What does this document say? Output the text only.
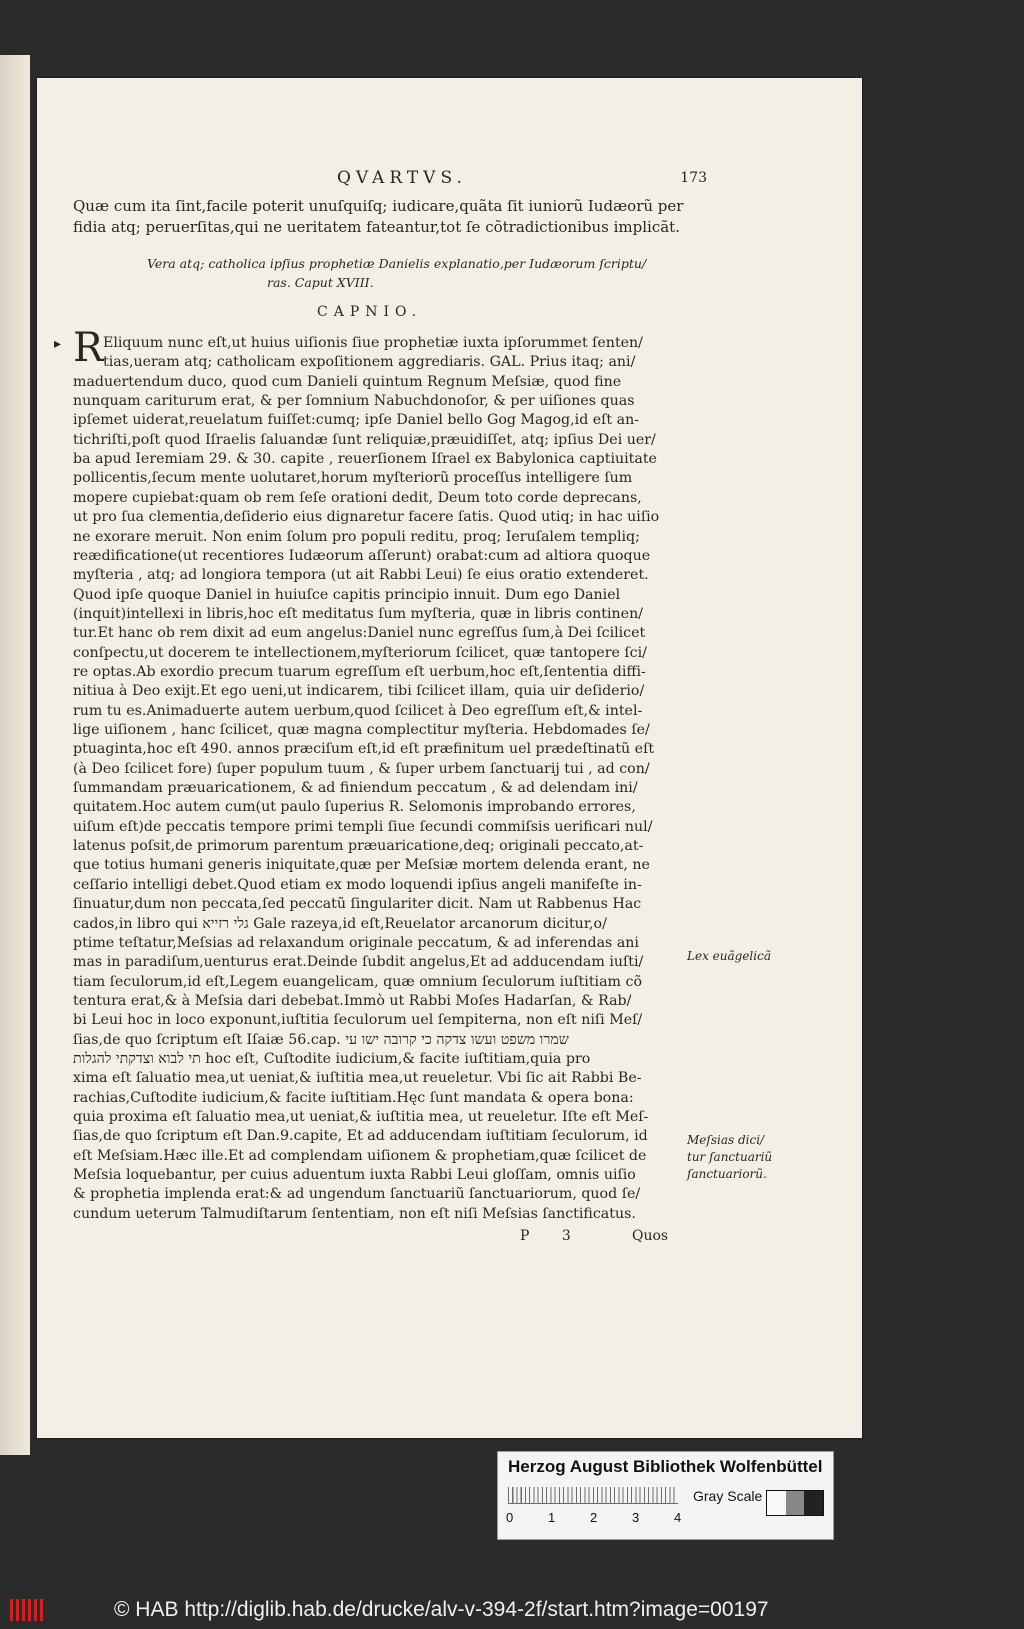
QVARTVS.	173
Quæ cum ita ſint,facile poterit unuſquiſq; iudicare,quãta ſit iuniorũ Iudæorũ per
fidia atq; peruerſitas,qui ne ueritatem fateantur,tot ſe cõtradictionibus implicãt.
Vera atq; catholica ipſius prophetiæ Danielis explanatio,per Iudæorum ſcriptu/
ras. Caput XVIII.
CAPNIO.
▸ R Eliquum nunc eſt,ut huius uiſionis ſiue prophetiæ iuxta ipſorummet ſenten/
tias,ueram atq; catholicam expoſitionem aggrediaris. GAL. Prius itaq; ani/
maduertendum duco, quod cum Danieli quintum Regnum Meſsiæ, quod fine
nunquam cariturum erat, & per ſomnium Nabuchdonoſor, & per uiſiones quas
ipſemet uiderat,reuelatum fuiſſet:cumq; ipſe Daniel bello Gog Magog,id eſt an-
tichriſti,poſt quod Iſraelis ſaluandæ ſunt reliquiæ,præuidiſſet, atq; ipſius Dei uer/
ba apud Ieremiam 29. & 30. capite , reuerſionem Iſrael ex Babylonica captiuitate
pollicentis,ſecum mente uolutaret,horum myſteriorũ proceſſus intelligere ſum
mopere cupiebat:quam ob rem ſeſe orationi dedit, Deum toto corde deprecans,
ut pro ſua clementia,deſiderio eius dignaretur facere ſatis. Quod utiq; in hac uiſio
ne exorare meruit. Non enim ſolum pro populi reditu, proq; Ieruſalem templiq;
reædificatione(ut recentiores Iudæorum aſſerunt) orabat:cum ad altiora quoque
myſteria , atq; ad longiora tempora (ut ait Rabbi Leui) ſe eius oratio extenderet.
Quod ipſe quoque Daniel in huiuſce capitis principio innuit. Dum ego Daniel
(inquit)intellexi in libris,hoc eſt meditatus ſum myſteria, quæ in libris continen/
tur.Et hanc ob rem dixit ad eum angelus:Daniel nunc egreſſus ſum,à Dei ſcilicet
conſpectu,ut docerem te intellectionem,myſteriorum ſcilicet, quæ tantopere ſci/
re optas.Ab exordio precum tuarum egreſſum eſt uerbum,hoc eſt,ſententia diffi-
nitiua à Deo exijt.Et ego ueni,ut indicarem, tibi ſcilicet illam, quia uir deſiderio/
rum tu es.Animaduerte autem uerbum,quod ſcilicet à Deo egreſſum eſt,& intel-
lige uiſionem , hanc ſcilicet, quæ magna complectitur myſteria. Hebdomades ſe/
ptuaginta,hoc eſt 490. annos præciſum eſt,id eſt præfinitum uel prædeſtinatũ eſt
(à Deo ſcilicet fore) ſuper populum tuum , & ſuper urbem ſanctuarij tui , ad con/
ſummandam præuaricationem, & ad finiendum peccatum , & ad delendam ini/
quitatem.Hoc autem cum(ut paulo ſuperius R. Selomonis improbando errores,
uiſum eſt)de peccatis tempore primi templi ſiue ſecundi commiſsis uerificari nul/
latenus poſsit,de primorum parentum præuaricatione,deq; originali peccato,at-
que totius humani generis iniquitate,quæ per Meſsiæ mortem delenda erant, ne
ceſſario intelligi debet.Quod etiam ex modo loquendi ipſius angeli manifeſte in-
ſinuatur,dum non peccata,ſed peccatũ ſingulariter dicit. Nam ut Rabbenus Hac
cados,in libro qui גלי רזייא Gale razeya,id eſt,Reuelator arcanorum dicitur,o/
ptime teſtatur,Meſsias ad relaxandum originale peccatum, & ad inferendas ani
mas in paradiſum,uenturus erat.Deinde ſubdit angelus,Et ad adducendam iuſti/
tiam ſeculorum,id eſt,Legem euangelicam, quæ omnium ſeculorum iuſtitiam cõ
tentura erat,& à Meſsia dari debebat.Immò ut Rabbi Moſes Hadarſan, & Rab/
bi Leui hoc in loco exponunt,iuſtitia ſeculorum uel ſempiterna, non eſt niſi Meſ/
ſias,de quo ſcriptum eſt Iſaiæ 56.cap. שמרו משפט ועשו צדקה כי קרובה ישו עי
תי לבוא וצדקתי להגלות hoc eſt, Cuſtodite iudicium,& facite iuſtitiam,quia pro
xima eſt ſaluatio mea,ut ueniat,& iuſtitia mea,ut reueletur. Vbi ſic ait Rabbi Be-
rachias,Cuſtodite iudicium,& facite iuſtitiam.Hęc ſunt mandata & opera bona:
quia proxima eſt ſaluatio mea,ut ueniat,& iuſtitia mea, ut reueletur. Iſte eſt Meſ-
ſias,de quo ſcriptum eſt Dan.9.capite, Et ad adducendam iuſtitiam ſeculorum, id
eſt Meſsiam.Hæc ille.Et ad complendam uiſionem & prophetiam,quæ ſcilicet de
Meſsia loquebantur, per cuius aduentum iuxta Rabbi Leui gloſſam, omnis uiſio
& prophetia implenda erat:& ad ungendum ſanctuariũ ſanctuariorum, quod ſe/
cundum ueterum Talmudiſtarum ſententiam, non eſt niſi Meſsias ſanctificatus.
Lex euãgelicã
Meſsias dici/
tur ſanctuariũ
ſanctuariorũ.
P 3	Quos
Herzog August Bibliothek Wolfenbüttel
0	1	2	3	4
Gray Scale
© HAB http://diglib.hab.de/drucke/alv-v-394-2f/start.htm?image=00197
